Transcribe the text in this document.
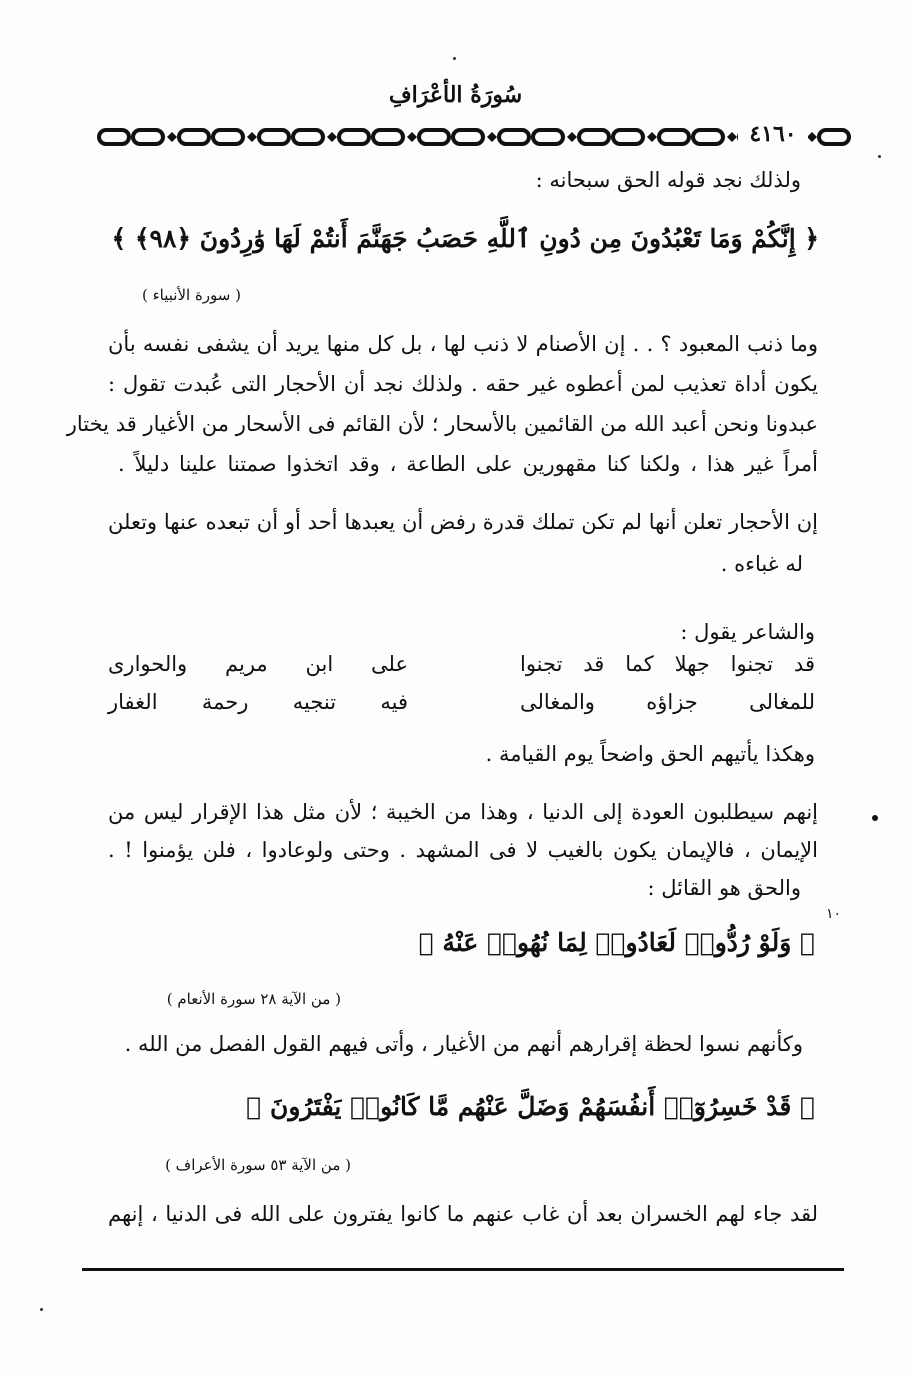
سُورَةُ الأعْرَافِ
٤١٦٠
ولذلك نجد قوله الحق سبحانه :
﴿ إِنَّكُمْ وَمَا تَعْبُدُونَ مِن دُونِ ٱللَّهِ حَصَبُ جَهَنَّمَ أَنتُمْ لَهَا وَٰرِدُونَ ﴿٩٨﴾ ﴾
( سورة الأنبياء )
وما ذنب المعبود ؟ . . إن الأصنام لا ذنب لها ، بل كل منها يريد أن يشفى نفسه بأن
يكون أداة تعذيب لمن أعطوه غير حقه . ولذلك نجد أن الأحجار التى عُبدت تقول :
عبدونا ونحن أعبد الله من القائمين بالأسحار ؛ لأن القائم فى الأسحار من الأغيار قد يختار
أمراً غير هذا ، ولكنا كنا مقهورين على الطاعة ، وقد اتخذوا صمتنا علينا دليلاً .
إن الأحجار تعلن أنها لم تكن تملك قدرة رفض أن يعبدها أحد أو أن تبعده عنها وتعلن
له غباءه .
والشاعر يقول :
قد تجنوا جهلا كما قد تجنوا
على ابن مريم والحوارى
للمغالى جزاؤه والمغالى
فيه تنجيه رحمة الغفار
وهكذا يأتيهم الحق واضحاً يوم القيامة .
إنهم سيطلبون العودة إلى الدنيا ، وهذا من الخيبة ؛ لأن مثل هذا الإقرار ليس من
الإيمان ، فالإيمان يكون بالغيب لا فى المشهد . وحتى ولوعادوا ، فلن يؤمنوا ! .
والحق هو القائل :
١٠
﴿ وَلَوْ رُدُّوا۟ لَعَادُوا۟ لِمَا نُهُوا۟ عَنْهُ ﴾
( من الآية ٢٨ سورة الأنعام )
وكأنهم نسوا لحظة إقرارهم أنهم من الأغيار ، وأتى فيهم القول الفصل من الله .
﴿ قَدْ خَسِرُوٓا۟ أَنفُسَهُمْ وَضَلَّ عَنْهُم مَّا كَانُوا۟ يَفْتَرُونَ ﴾
( من الآية ٥٣ سورة الأعراف )
لقد جاء لهم الخسران بعد أن غاب عنهم ما كانوا يفترون على الله فى الدنيا ، إنهم
